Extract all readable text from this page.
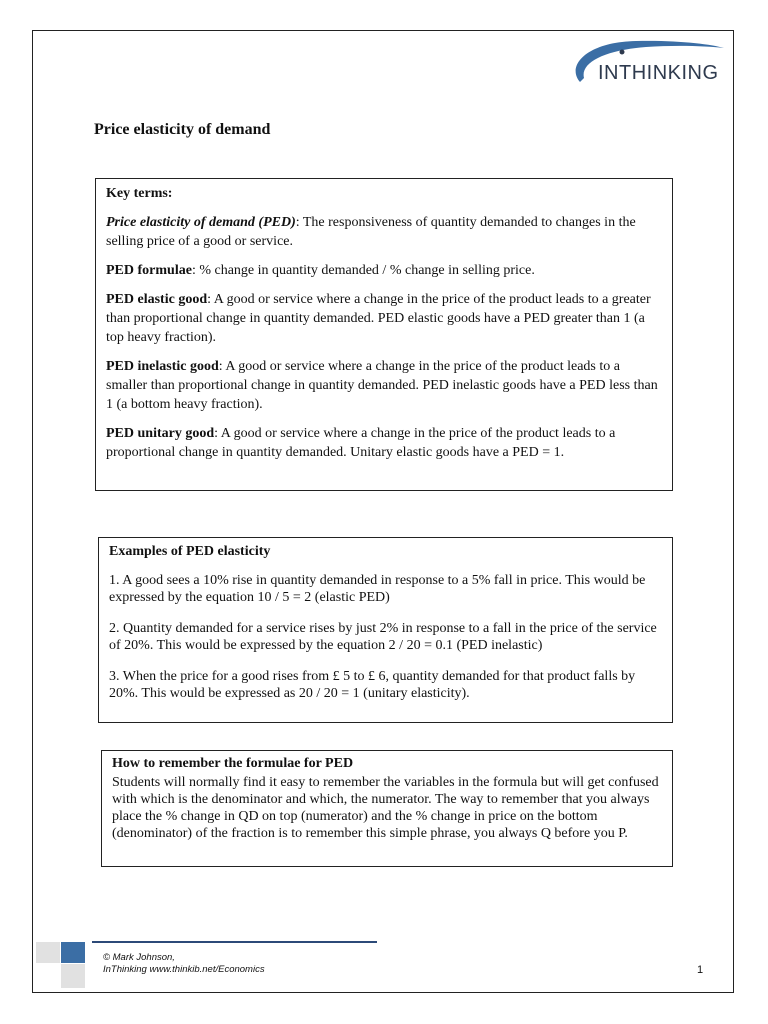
INTHINKING
Price elasticity of demand

Key terms:

Price elasticity of demand (PED): The responsiveness of quantity demanded to changes in the selling price of a good or service.

PED formulae: % change in quantity demanded / % change in selling price.

PED elastic good: A good or service where a change in the price of the product leads to a greater than proportional change in quantity demanded. PED elastic goods have a PED greater than 1 (a top heavy fraction).

PED inelastic good: A good or service where a change in the price of the product leads to a smaller than proportional change in quantity demanded. PED inelastic goods have a PED less than 1 (a bottom heavy fraction).

PED unitary good: A good or service where a change in the price of the product leads to a proportional change in quantity demanded. Unitary elastic goods have a PED = 1.

Examples of PED elasticity

1. A good sees a 10% rise in quantity demanded in response to a 5% fall in price. This would be expressed by the equation 10 / 5 = 2 (elastic PED)

2. Quantity demanded for a service rises by just 2% in response to a fall in the price of the service of 20%. This would be expressed by the equation 2 / 20 = 0.1 (PED inelastic)

3. When the price for a good rises from £ 5 to £ 6, quantity demanded for that product falls by 20%. This would be expressed as 20 / 20 = 1 (unitary elasticity).

How to remember the formulae for PED

Students will normally find it easy to remember the variables in the formula but will get confused with which is the denominator and which, the numerator. The way to remember that you always place the % change in QD on top (numerator) and the % change in price on the bottom (denominator) of the fraction is to remember this simple phrase, you always Q before you P.

© Mark Johnson,
InThinking www.thinkib.net/Economics	1
